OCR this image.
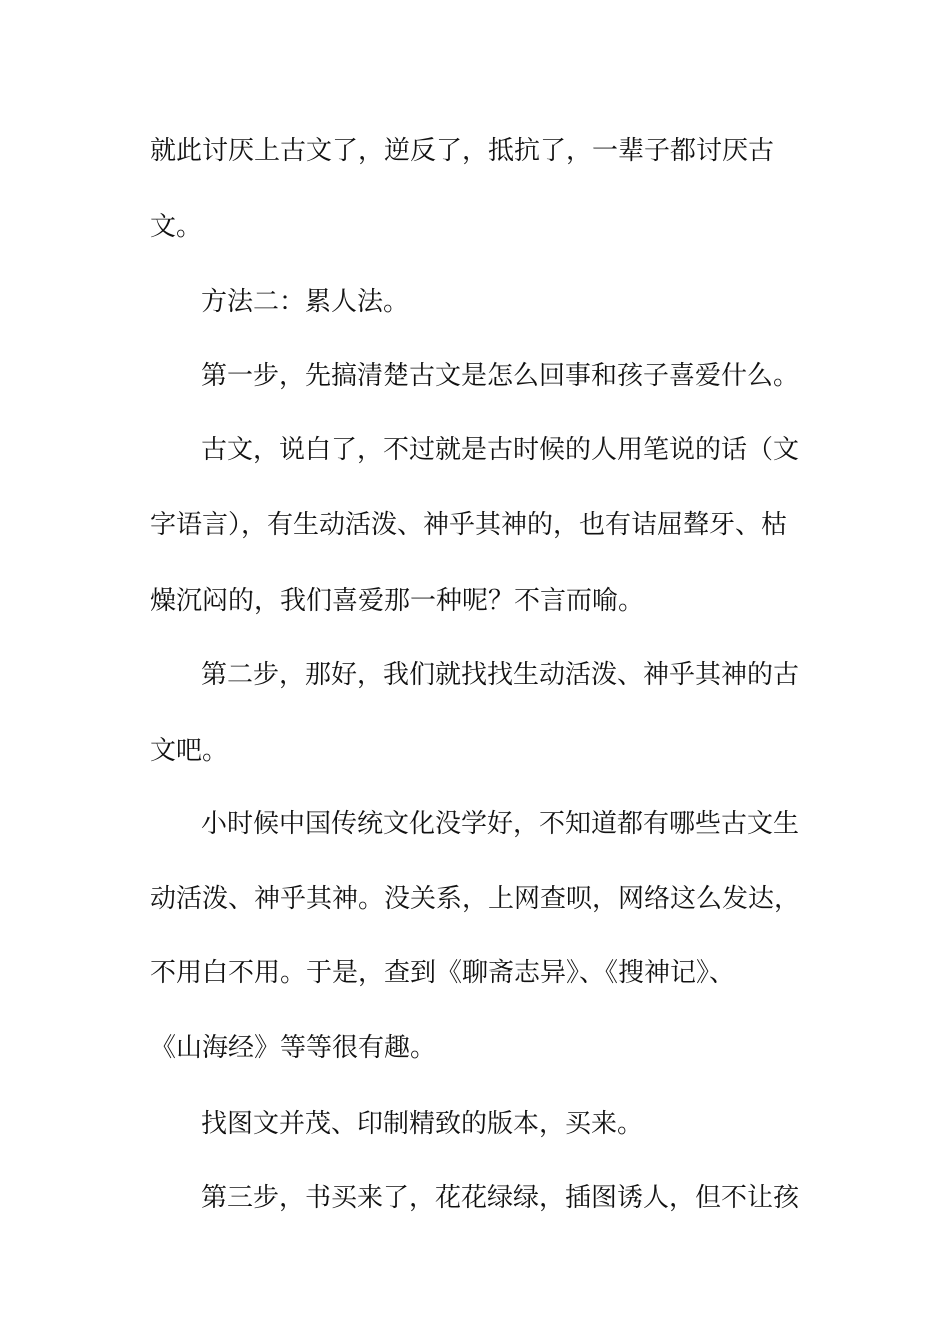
就此讨厌上古文了，逆反了，抵抗了，一辈子都讨厌古
文。
方法二：累人法。
第一步，先搞清楚古文是怎么回事和孩子喜爱什么。
古文，说白了，不过就是古时候的人用笔说的话（文
字语言），有生动活泼、神乎其神的，也有诘屈聱牙、枯
燥沉闷的，我们喜爱那一种呢？不言而喻。
第二步，那好，我们就找找生动活泼、神乎其神的古
文吧。
小时候中国传统文化没学好，不知道都有哪些古文生
动活泼、神乎其神。没关系，上网查呗，网络这么发达，
不用白不用。于是，查到《聊斋志异》、《搜神记》、
《山海经》等等很有趣。
找图文并茂、印制精致的版本，买来。
第三步，书买来了，花花绿绿，插图诱人，但不让孩
